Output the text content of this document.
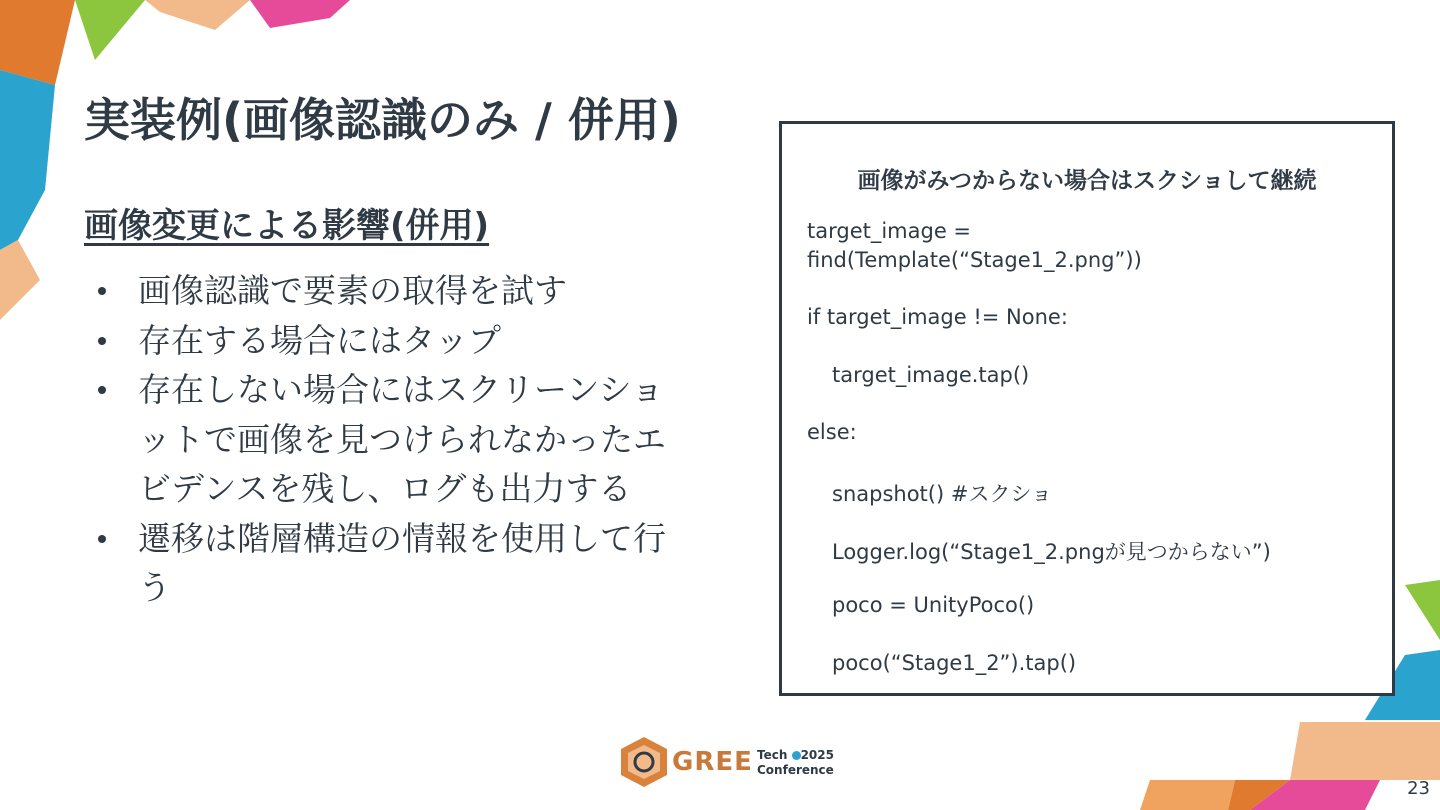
実装例(画像認識のみ / 併用)
画像変更による影響(併用)
画像認識で要素の取得を試す
存在する場合にはタップ
存在しない場合にはスクリーンショットで画像を見つけられなかったエビデンスを残し、ログも出力する
遷移は階層構造の情報を使用して行う

画像がみつからない場合はスクショして継続

target_image =

find(Template(“Stage1_2.png”))

if target_image != None:

target_image.tap()

else:

snapshot() #スクショ

Logger.log(“Stage1_2.pngが見つからない”)

poco = UnityPoco()

poco(“Stage1_2”).tap()

GREE Tech 2025
Conference
23
